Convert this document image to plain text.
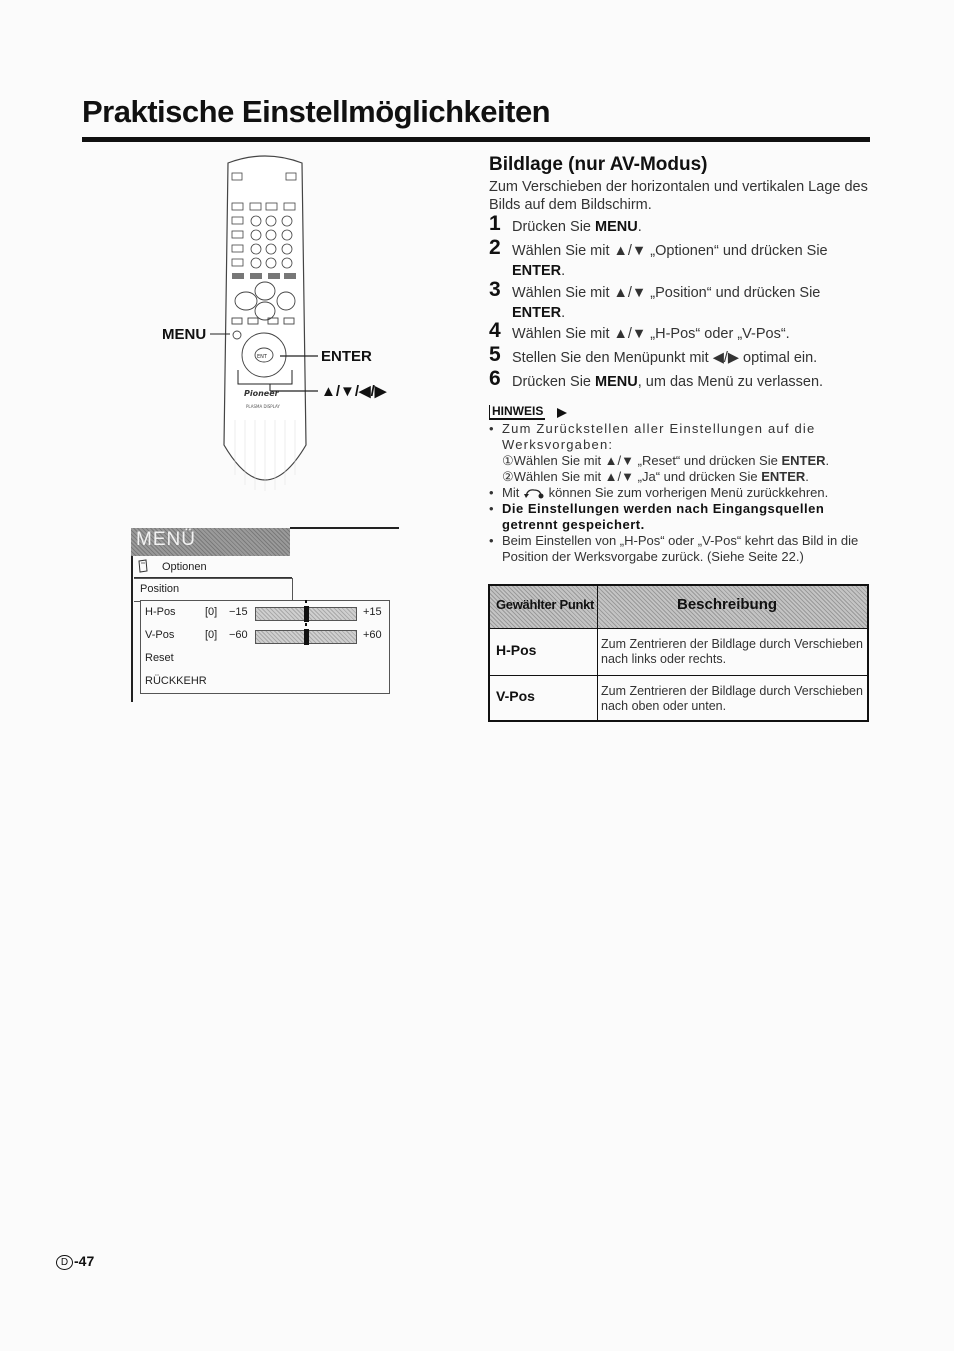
Praktische Einstellmöglichkeiten
ENT
Pioneer
PLASMA DISPLAY
MENU
ENTER
▲/▼/◀/▶
Bildlage (nur AV-Modus)
Zum Verschieben der horizontalen und vertikalen Lage des Bilds auf dem Bildschirm.
1 Drücken Sie MENU.
2 Wählen Sie mit ▲/▼ „Optionen“ und drücken Sie ENTER.
3 Wählen Sie mit ▲/▼ „Position“ und drücken Sie ENTER.
4 Wählen Sie mit ▲/▼ „H-Pos“ oder „V-Pos“.
5 Stellen Sie den Menüpunkt mit ◀/▶ optimal ein.
6 Drücken Sie MENU, um das Menü zu verlassen.
HINWEIS
• Zum Zurückstellen aller Einstellungen auf die Werksvorgaben:
①Wählen Sie mit ▲/▼ „Reset“ und drücken Sie ENTER.
②Wählen Sie mit ▲/▼ „Ja“ und drücken Sie ENTER.
• Mit  können Sie zum vorherigen Menü zurückkehren.
• Die Einstellungen werden nach Eingangsquellen getrennt gespeichert.
• Beim Einstellen von „H-Pos“ oder „V-Pos“ kehrt das Bild in die Position der Werksvorgabe zurück. (Siehe Seite 22.)
MENÜ
Optionen
Position
H-Pos	[0] −15	+15
V-Pos	[0] −60	+60
Reset
RÜCKKEHR
Gewählter Punkt	Beschreibung
H-Pos	Zum Zentrieren der Bildlage durch Verschieben nach links oder rechts.
V-Pos	Zum Zentrieren der Bildlage durch Verschieben nach oben oder unten.
D -47
